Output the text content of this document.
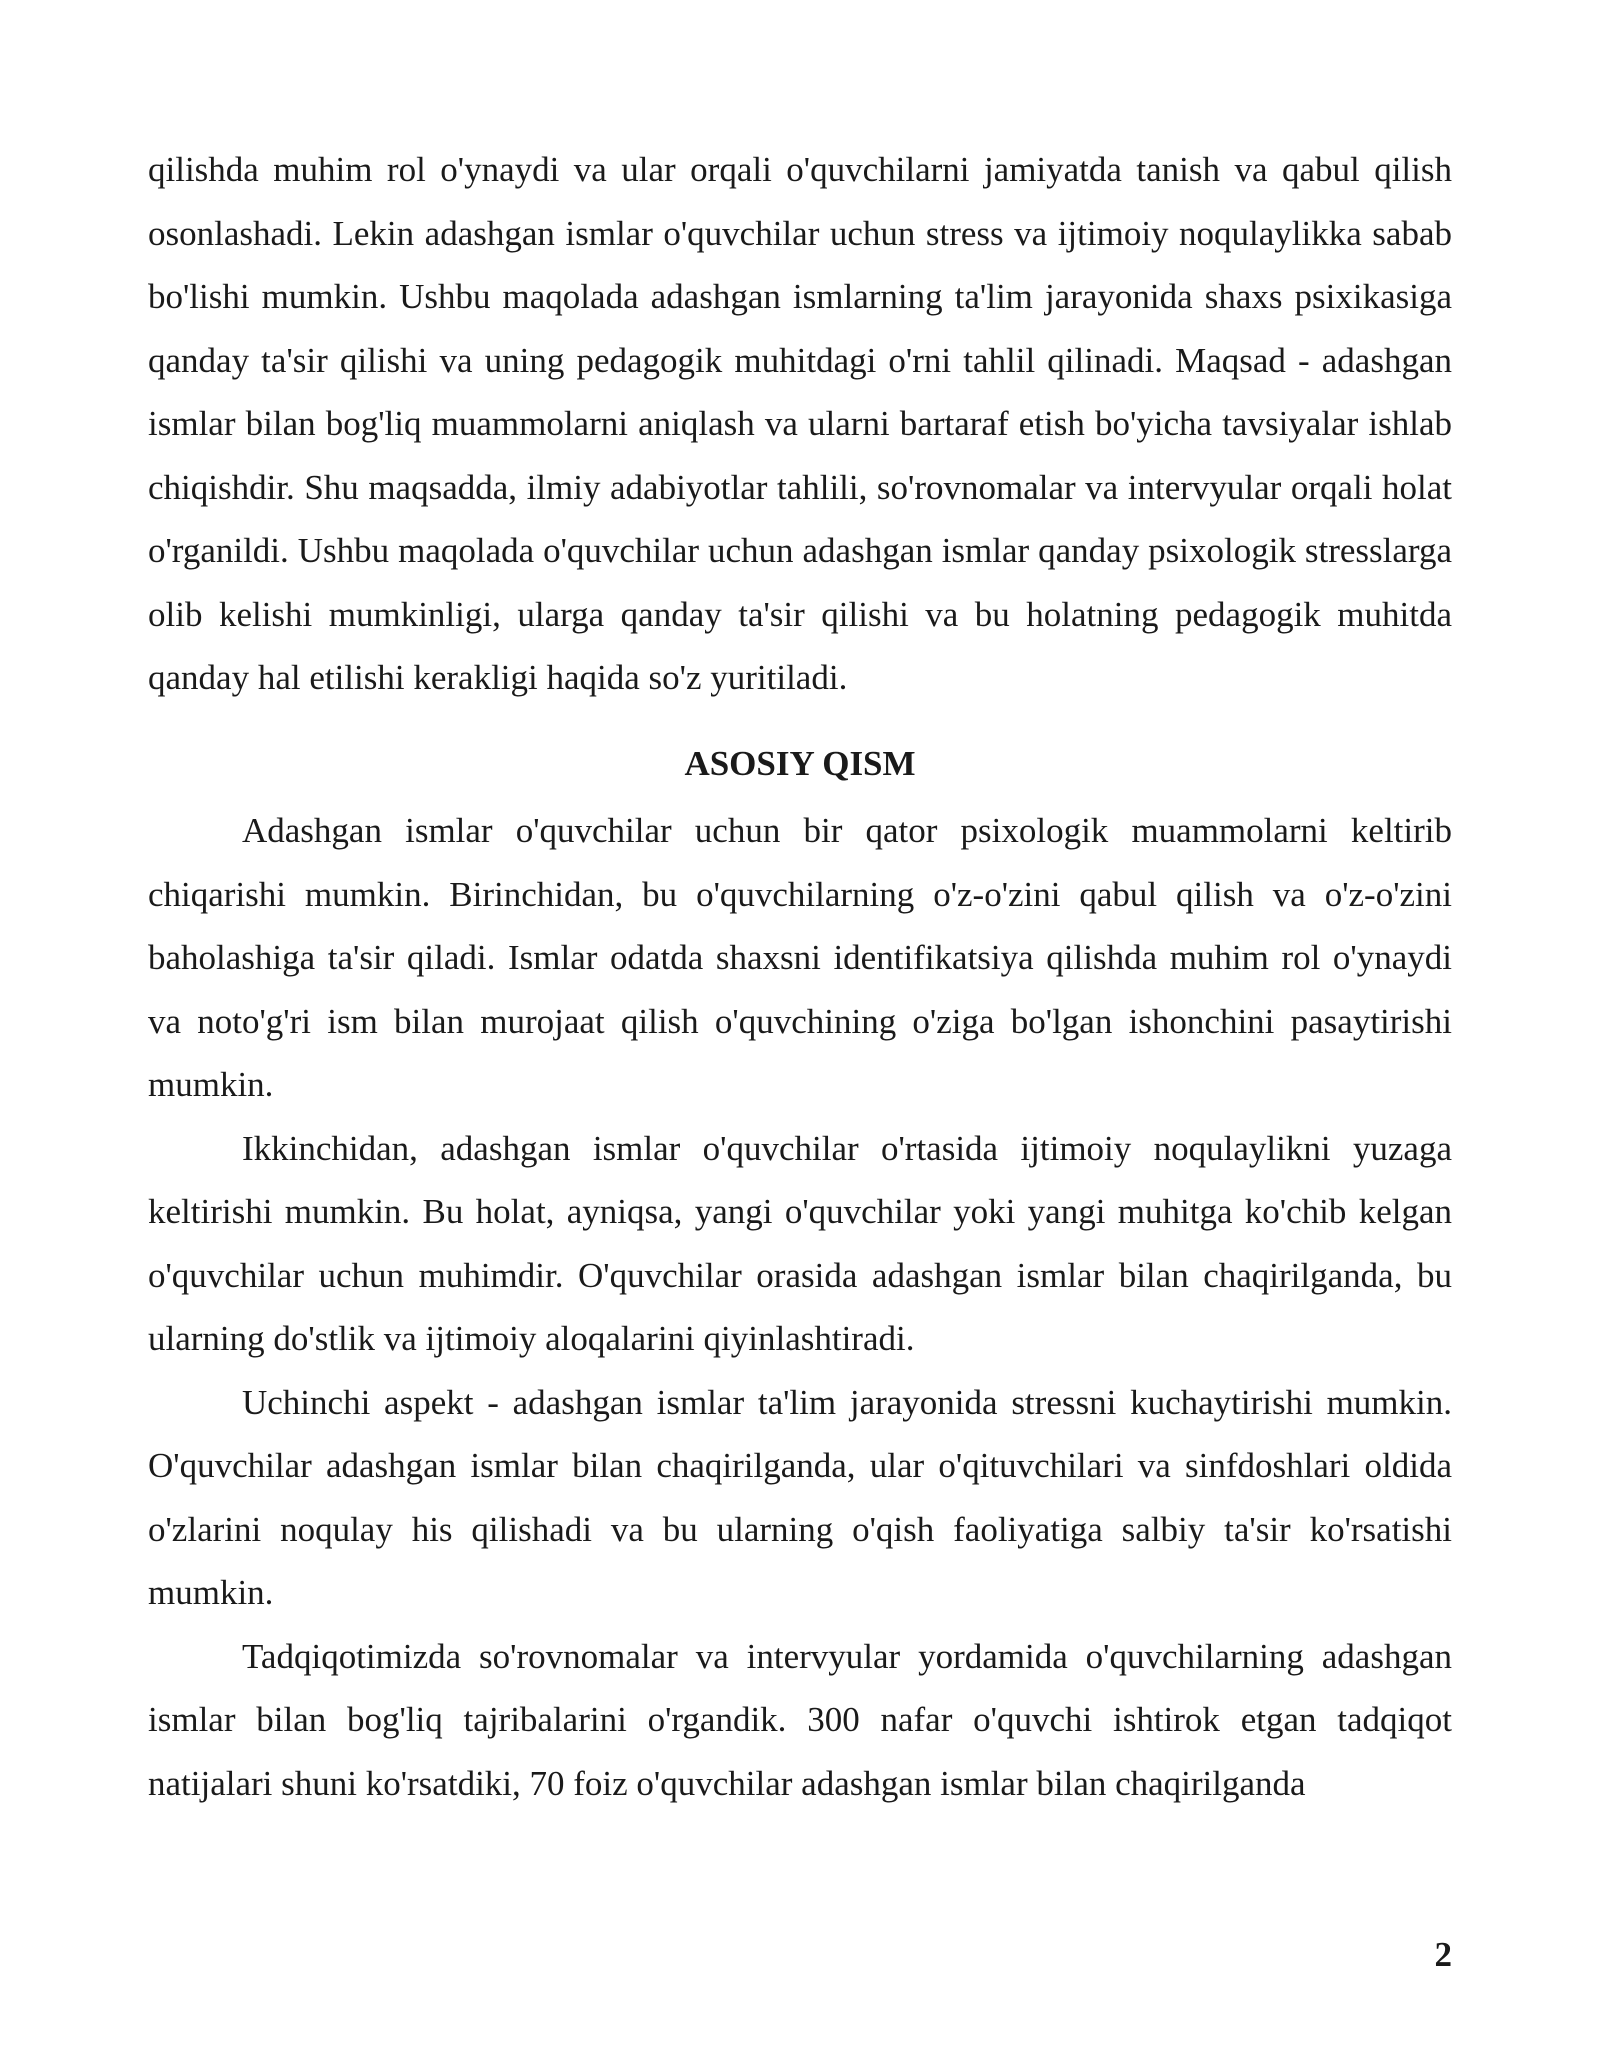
qilishda muhim rol o'ynaydi va ular orqali o'quvchilarni jamiyatda tanish va qabul qilish osonlashadi. Lekin adashgan ismlar o'quvchilar uchun stress va ijtimoiy noqulaylikka sabab bo'lishi mumkin. Ushbu maqolada adashgan ismlarning ta'lim jarayonida shaxs psixikasiga qanday ta'sir qilishi va uning pedagogik muhitdagi o'rni tahlil qilinadi. Maqsad - adashgan ismlar bilan bog'liq muammolarni aniqlash va ularni bartaraf etish bo'yicha tavsiyalar ishlab chiqishdir. Shu maqsadda, ilmiy adabiyotlar tahlili, so'rovnomalar va intervyular orqali holat o'rganildi. Ushbu maqolada o'quvchilar uchun adashgan ismlar qanday psixologik stresslarga olib kelishi mumkinligi, ularga qanday ta'sir qilishi va bu holatning pedagogik muhitda qanday hal etilishi kerakligi haqida so'z yuritiladi.

ASOSIY QISM

Adashgan ismlar o'quvchilar uchun bir qator psixologik muammolarni keltirib chiqarishi mumkin. Birinchidan, bu o'quvchilarning o'z-o'zini qabul qilish va o'z-o'zini baholashiga ta'sir qiladi. Ismlar odatda shaxsni identifikatsiya qilishda muhim rol o'ynaydi va noto'g'ri ism bilan murojaat qilish o'quvchining o'ziga bo'lgan ishonchini pasaytirishi mumkin.

Ikkinchidan, adashgan ismlar o'quvchilar o'rtasida ijtimoiy noqulaylikni yuzaga keltirishi mumkin. Bu holat, ayniqsa, yangi o'quvchilar yoki yangi muhitga ko'chib kelgan o'quvchilar uchun muhimdir. O'quvchilar orasida adashgan ismlar bilan chaqirilganda, bu ularning do'stlik va ijtimoiy aloqalarini qiyinlashtiradi.

Uchinchi aspekt - adashgan ismlar ta'lim jarayonida stressni kuchaytirishi mumkin. O'quvchilar adashgan ismlar bilan chaqirilganda, ular o'qituvchilari va sinfdoshlari oldida o'zlarini noqulay his qilishadi va bu ularning o'qish faoliyatiga salbiy ta'sir ko'rsatishi mumkin.

Tadqiqotimizda so'rovnomalar va intervyular yordamida o'quvchilarning adashgan ismlar bilan bog'liq tajribalarini o'rgandik. 300 nafar o'quvchi ishtirok etgan tadqiqot natijalari shuni ko'rsatdiki, 70 foiz o'quvchilar adashgan ismlar bilan chaqirilganda

2
